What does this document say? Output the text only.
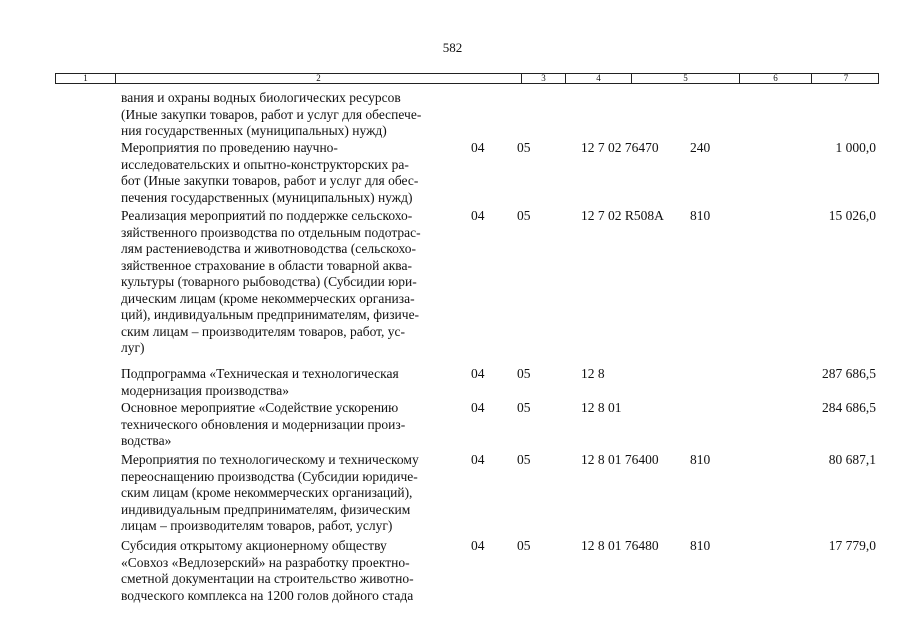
582
1	2	3	4	5	6	7
вания и охраны водных биологических ресурсов
(Иные закупки товаров, работ и услуг для обеспече-
ния государственных (муниципальных) нужд)
Мероприятия по проведению научно-
исследовательских и опытно-конструкторских ра-
бот (Иные закупки товаров, работ и услуг для обес-
печения государственных (муниципальных) нужд)
04 05	12 7 02 76470 240	1 000,0
Реализация мероприятий по поддержке сельскохо-
зяйственного производства по отдельным подотрас-
лям растениеводства и животноводства (сельскохо-
зяйственное страхование в области товарной аква-
культуры (товарного рыбоводства) (Субсидии юри-
дическим лицам (кроме некоммерческих организа-
ций), индивидуальным предпринимателям, физиче-
ским лицам – производителям товаров, работ, ус-
луг)
04 05	12 7 02 R508A 810	15 026,0
Подпрограмма «Техническая и технологическая
модернизация производства»
04 05	12 8	287 686,5
Основное мероприятие «Содействие ускорению
технического обновления и модернизации произ-
водства»
04 05	12 8 01	284 686,5
Мероприятия по технологическому и техническому
переоснащению производства (Субсидии юридиче-
ским лицам (кроме некоммерческих организаций),
индивидуальным предпринимателям, физическим
лицам – производителям товаров, работ, услуг)
04 05	12 8 01 76400 810	80 687,1
Субсидия открытому акционерному обществу
«Совхоз «Ведлозерский» на разработку проектно-
сметной документации на строительство животно-
водческого комплекса на 1200 голов дойного стада
04 05	12 8 01 76480 810	17 779,0
